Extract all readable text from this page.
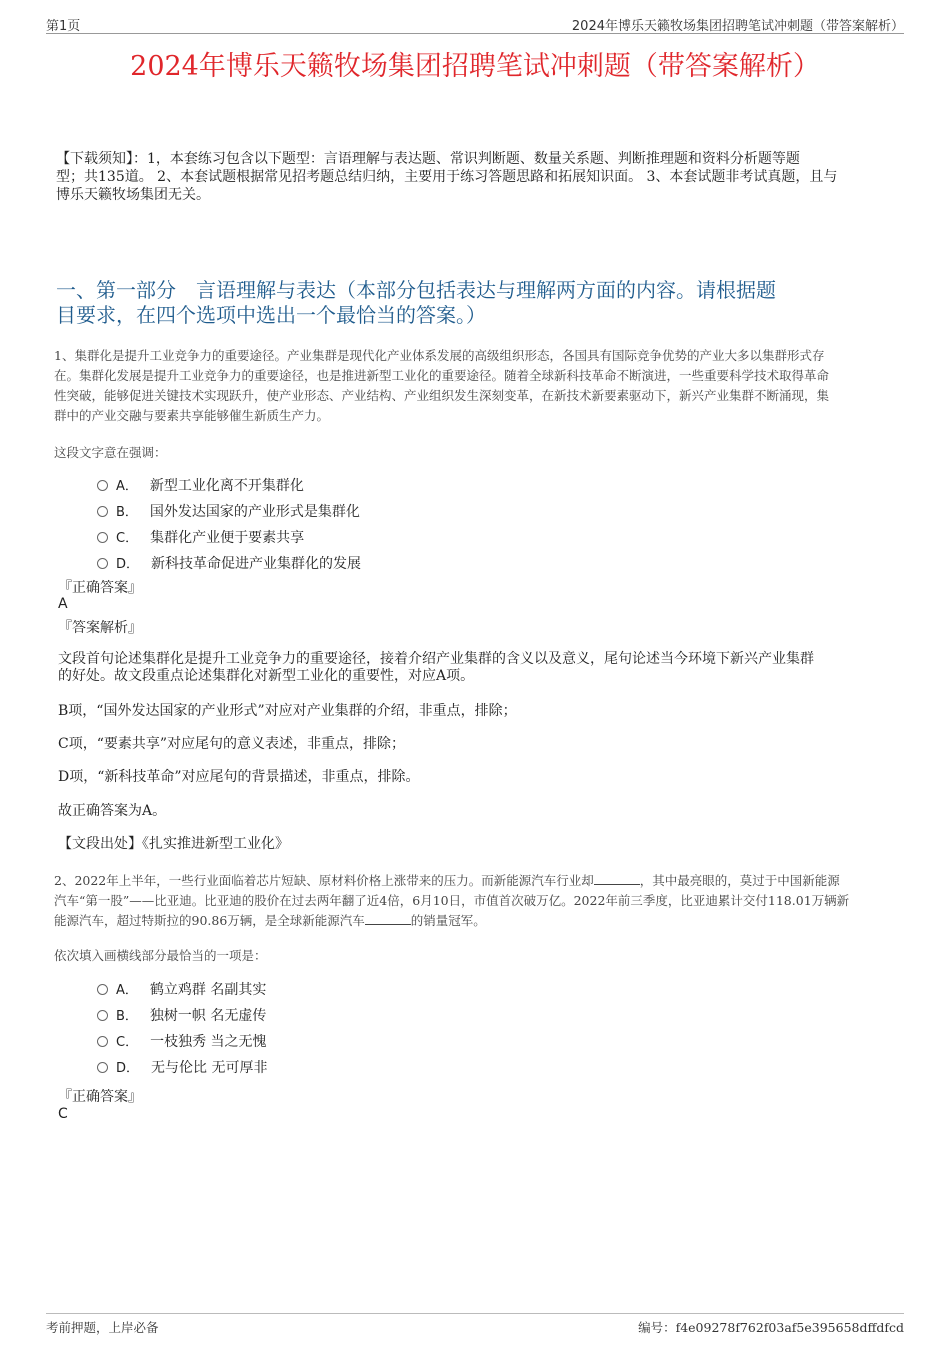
第1页	2024年博乐天籁牧场集团招聘笔试冲刺题（带答案解析）
2024年博乐天籁牧场集团招聘笔试冲刺题（带答案解析）
【下载须知】：1，本套练习包含以下题型：言语理解与表达题、常识判断题、数量关系题、判断推理题和资料分析题等题
型；共135道。 2、本套试题根据常见招考题总结归纳，主要用于练习答题思路和拓展知识面。 3、本套试题非考试真题，且与
博乐天籁牧场集团无关。
一、第一部分　言语理解与表达（本部分包括表达与理解两方面的内容。请根据题
目要求，在四个选项中选出一个最恰当的答案。）
1、集群化是提升工业竞争力的重要途径。产业集群是现代化产业体系发展的高级组织形态，各国具有国际竞争优势的产业大多以集群形式存
在。集群化发展是提升工业竞争力的重要途径，也是推进新型工业化的重要途径。随着全球新科技革命不断演进，一些重要科学技术取得革命
性突破，能够促进关键技术实现跃升，使产业形态、产业结构、产业组织发生深刻变革，在新技术新要素驱动下，新兴产业集群不断涌现，集
群中的产业交融与要素共享能够催生新质生产力。
这段文字意在强调：
A． 新型工业化离不开集群化
B． 国外发达国家的产业形式是集群化
C． 集群化产业便于要素共享
D． 新科技革命促进产业集群化的发展
『正确答案』
A
『答案解析』
文段首句论述集群化是提升工业竞争力的重要途径，接着介绍产业集群的含义以及意义，尾句论述当今环境下新兴产业集群
的好处。故文段重点论述集群化对新型工业化的重要性，对应A项。
B项，“国外发达国家的产业形式”对应对产业集群的介绍，非重点，排除；
C项，“要素共享”对应尾句的意义表述，非重点，排除；
D项，“新科技革命”对应尾句的背景描述，非重点，排除。
故正确答案为A。
【文段出处】《扎实推进新型工业化》
2、2022年上半年，一些行业面临着芯片短缺、原材料价格上涨带来的压力。而新能源汽车行业却	，其中最亮眼的，莫过于中国新能源
汽车“第一股”——比亚迪。比亚迪的股价在过去两年翻了近4倍，6月10日，市值首次破万亿。2022年前三季度，比亚迪累计交付118.01万辆新
能源汽车，超过特斯拉的90.86万辆，是全球新能源汽车	的销量冠军。
依次填入画横线部分最恰当的一项是：
A． 鹤立鸡群 名副其实
B． 独树一帜 名无虚传
C． 一枝独秀 当之无愧
D． 无与伦比 无可厚非
『正确答案』
C
考前押题，上岸必备	编号：f4e09278f762f03af5e395658dffdfcd
